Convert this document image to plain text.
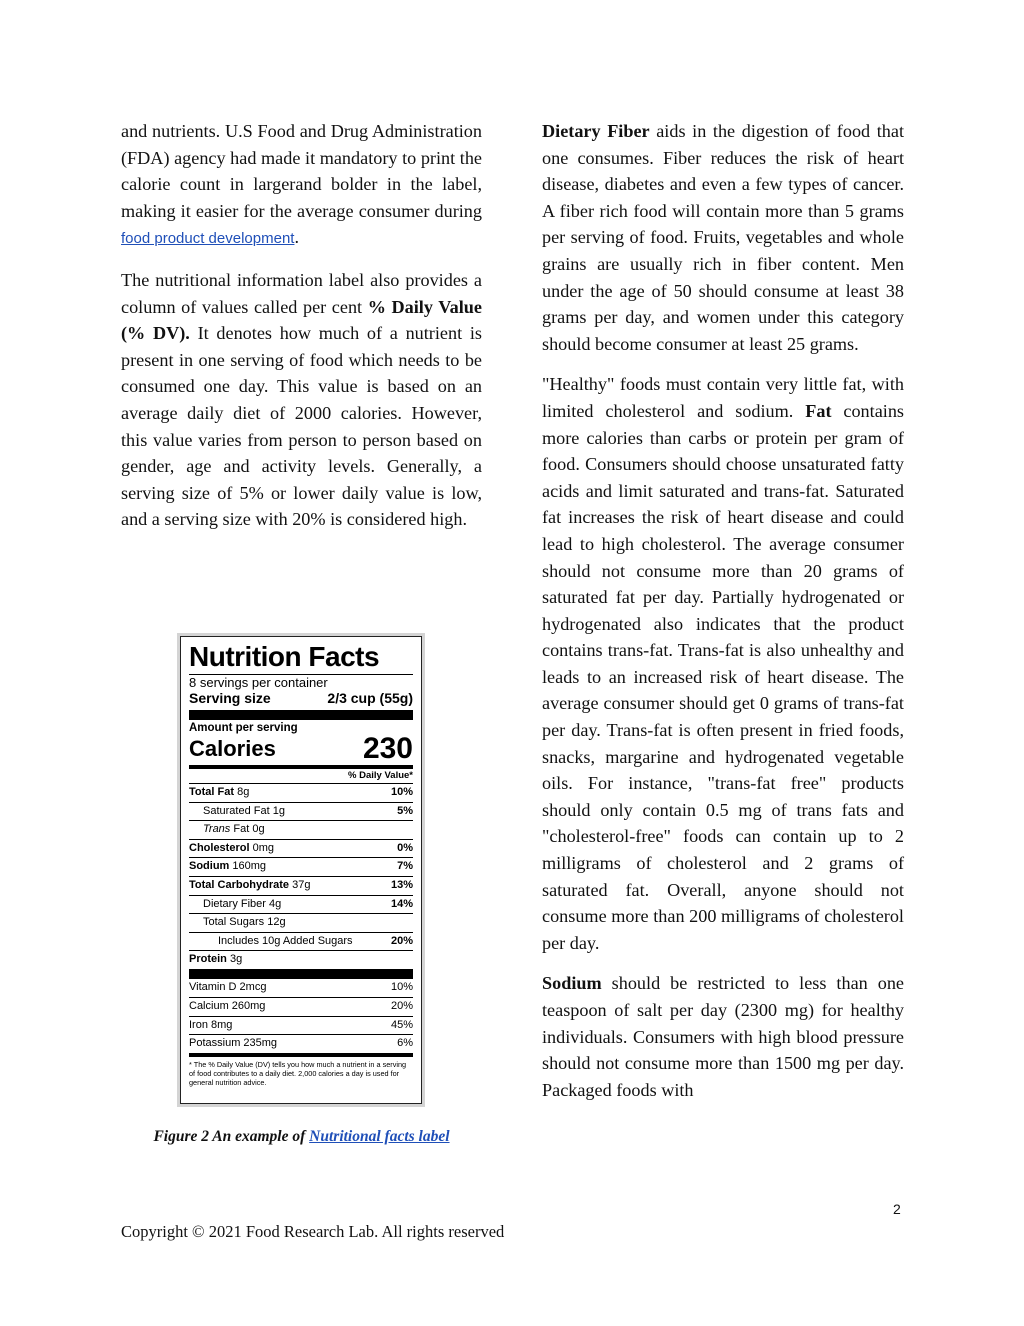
and nutrients. U.S Food and Drug Administration (FDA) agency had made it mandatory to print the calorie count in largerand bolder in the label, making it easier for the average consumer during food product development.

The nutritional information label also provides a column of values called per cent % Daily Value (% DV). It denotes how much of a nutrient is present in one serving of food which needs to be consumed one day. This value is based on an average daily diet of 2000 calories. However, this value varies from person to person based on gender, age and activity levels. Generally, a serving size of 5% or lower daily value is low, and a serving size with 20% is considered high.

Nutrition Facts
8 servings per container
Serving size	2/3 cup (55g)
Amount per serving
Calories	230
% Daily Value*
Total Fat 8g	10%
Saturated Fat 1g	5%
Trans Fat 0g
Cholesterol 0mg	0%
Sodium 160mg	7%
Total Carbohydrate 37g	13%
Dietary Fiber 4g	14%
Total Sugars 12g
Includes 10g Added Sugars	20%
Protein 3g
Vitamin D 2mcg	10%
Calcium 260mg	20%
Iron 8mg	45%
Potassium 235mg	6%
* The % Daily Value (DV) tells you how much a nutrient in a serving of food contributes to a daily diet. 2,000 calories a day is used for general nutrition advice.
Figure 2 An example of Nutritional facts label

Dietary Fiber aids in the digestion of food that one consumes. Fiber reduces the risk of heart disease, diabetes and even a few types of cancer. A fiber rich food will contain more than 5 grams per serving of food. Fruits, vegetables and whole grains are usually rich in fiber content. Men under the age of 50 should consume at least 38 grams per day, and women under this category should become consumer at least 25 grams.

"Healthy" foods must contain very little fat, with limited cholesterol and sodium. Fat contains more calories than carbs or protein per gram of food. Consumers should choose unsaturated fatty acids and limit saturated and trans-fat. Saturated fat increases the risk of heart disease and could lead to high cholesterol. The average consumer should not consume more than 20 grams of saturated fat per day. Partially hydrogenated or hydrogenated also indicates that the product contains trans-fat. Trans-fat is also unhealthy and leads to an increased risk of heart disease. The average consumer should get 0 grams of trans-fat per day. Trans-fat is often present in fried foods, snacks, margarine and hydrogenated vegetable oils. For instance, "trans-fat free" products should only contain 0.5 mg of trans fats and "cholesterol-free" foods can contain up to 2 milligrams of cholesterol and 2 grams of saturated fat. Overall, anyone should not consume more than 200 milligrams of cholesterol per day.

Sodium should be restricted to less than one teaspoon of salt per day (2300 mg) for healthy individuals. Consumers with high blood pressure should not consume more than 1500 mg per day. Packaged foods with

2
Copyright © 2021 Food Research Lab. All rights reserved
